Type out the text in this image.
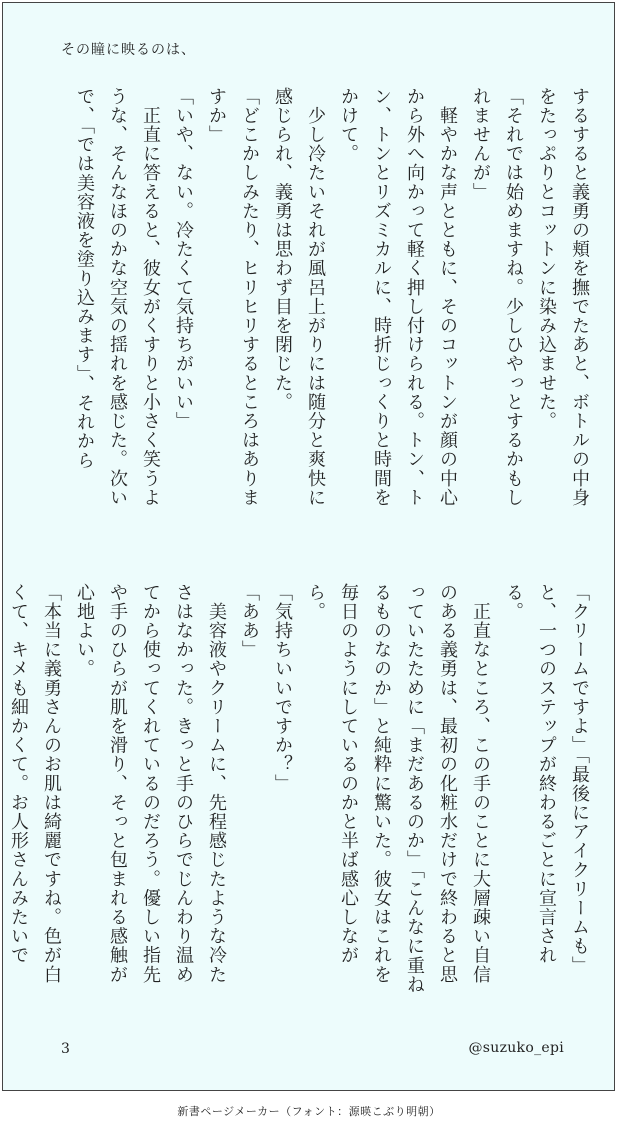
その瞳に映るのは、

するすると義勇の頬を撫でたあと、ボトルの中身をたっぷりとコットンに染み込ませた。

「それでは始めますね。少しひやっとするかもしれませんが」

　軽やかな声とともに、そのコットンが顔の中心から外へ向かって軽く押し付けられる。トン、トン、トンとリズミカルに、時折じっくりと時間をかけて。

　少し冷たいそれが風呂上がりには随分と爽快に感じられ、義勇は思わず目を閉じた。

「どこかしみたり、ヒリヒリするところはありますか」

「いや、ない。冷たくて気持ちがいい」

　正直に答えると、彼女がくすりと小さく笑うような、そんなほのかな空気の揺れを感じた。次いで、「では美容液を塗り込みます」、それから

「クリームですよ」「最後にアイクリームも」と、一つのステップが終わるごとに宣言される。

　正直なところ、この手のことに大層疎い自信のある義勇は、最初の化粧水だけで終わると思っていたために「まだあるのか」「こんなに重ねるものなのか」と純粋に驚いた。彼女はこれを毎日のようにしているのかと半ば感心しながら。

「気持ちいいですか？」

「ああ」

　美容液やクリームに、先程感じたような冷たさはなかった。きっと手のひらでじんわり温めてから使ってくれているのだろう。優しい指先や手のひらが肌を滑り、そっと包まれる感触が心地よい。

「本当に義勇さんのお肌は綺麗ですね。色が白くて、キメも細かくて。お人形さんみたいで

3	@suzuko_epi
新書ページメーカー（フォント：源暎こぶり明朝）
